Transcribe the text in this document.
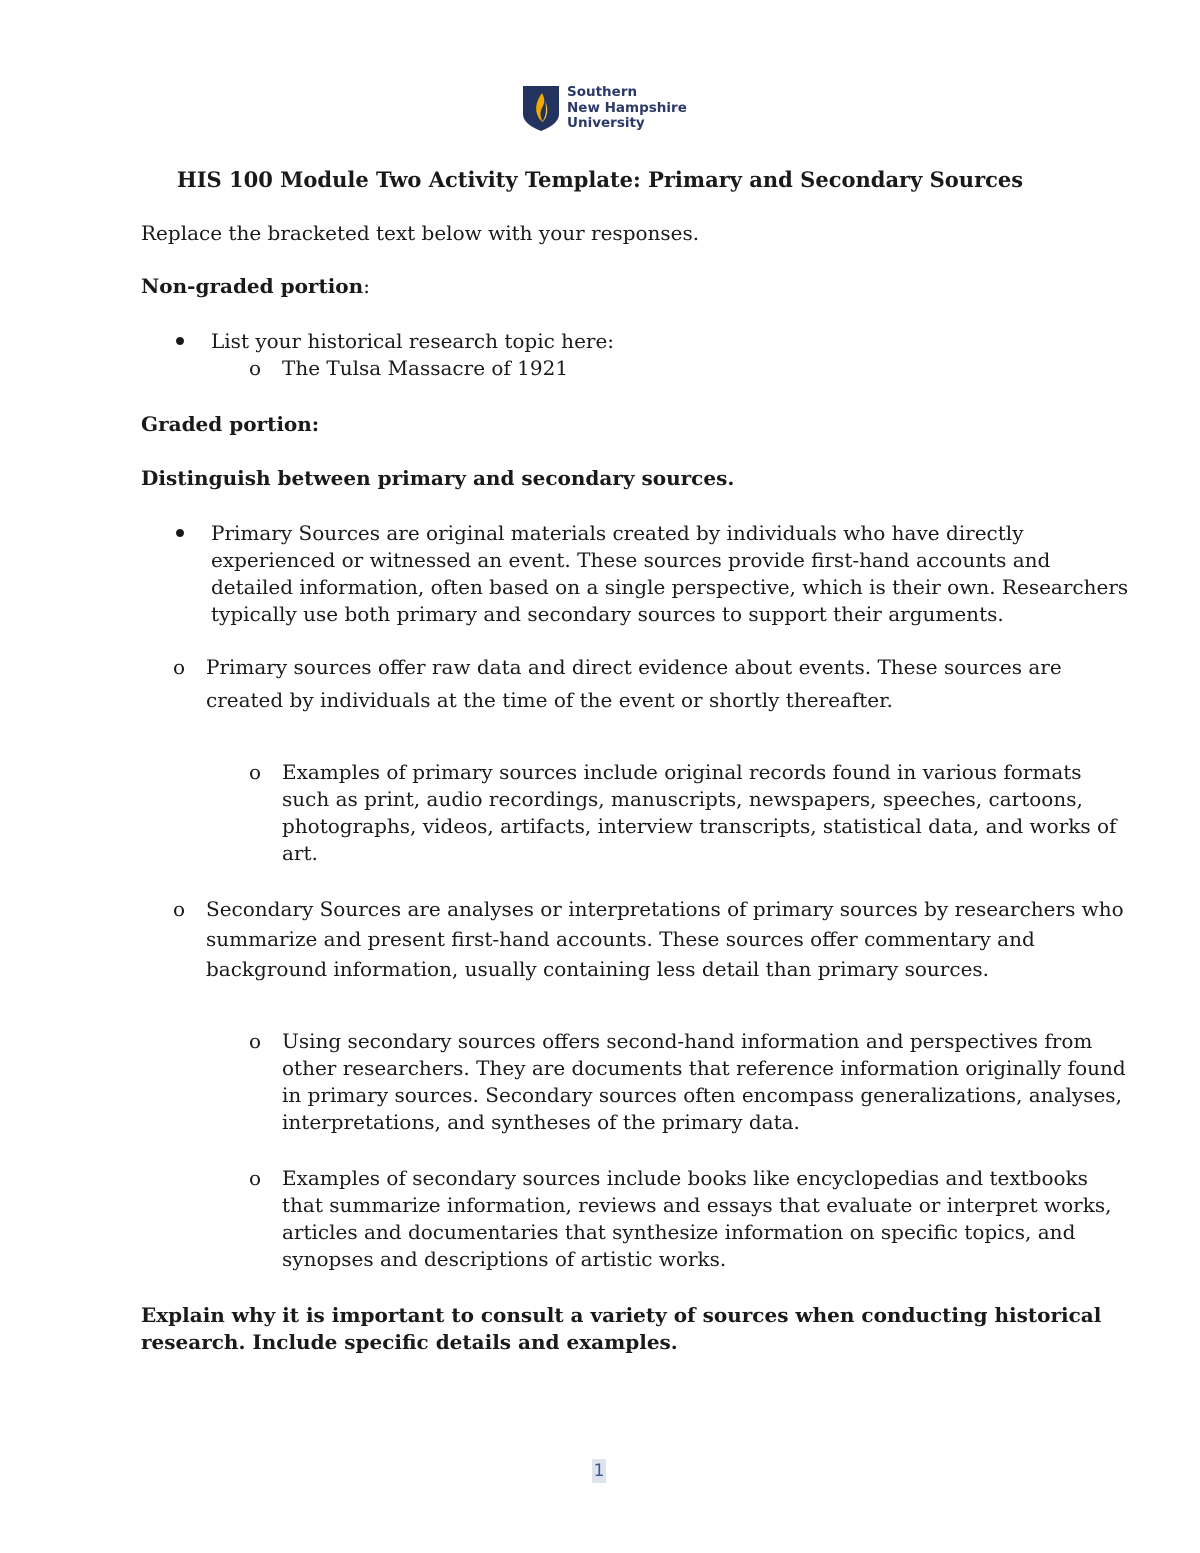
Southern
New Hampshire
University
HIS 100 Module Two Activity Template: Primary and Secondary Sources
Replace the bracketed text below with your responses.
Non-graded portion:
List your historical research topic here:
o The Tulsa Massacre of 1921
Graded portion:
Distinguish between primary and secondary sources.
Primary Sources are original materials created by individuals who have directly
experienced or witnessed an event. These sources provide first-hand accounts and
detailed information, often based on a single perspective, which is their own. Researchers
typically use both primary and secondary sources to support their arguments.
o Primary sources offer raw data and direct evidence about events. These sources are
created by individuals at the time of the event or shortly thereafter.
o Examples of primary sources include original records found in various formats
such as print, audio recordings, manuscripts, newspapers, speeches, cartoons,
photographs, videos, artifacts, interview transcripts, statistical data, and works of
art.
o Secondary Sources are analyses or interpretations of primary sources by researchers who
summarize and present first-hand accounts. These sources offer commentary and
background information, usually containing less detail than primary sources.
o Using secondary sources offers second-hand information and perspectives from
other researchers. They are documents that reference information originally found
in primary sources. Secondary sources often encompass generalizations, analyses,
interpretations, and syntheses of the primary data.
o Examples of secondary sources include books like encyclopedias and textbooks
that summarize information, reviews and essays that evaluate or interpret works,
articles and documentaries that synthesize information on specific topics, and
synopses and descriptions of artistic works.
Explain why it is important to consult a variety of sources when conducting historical
research. Include specific details and examples.
1
